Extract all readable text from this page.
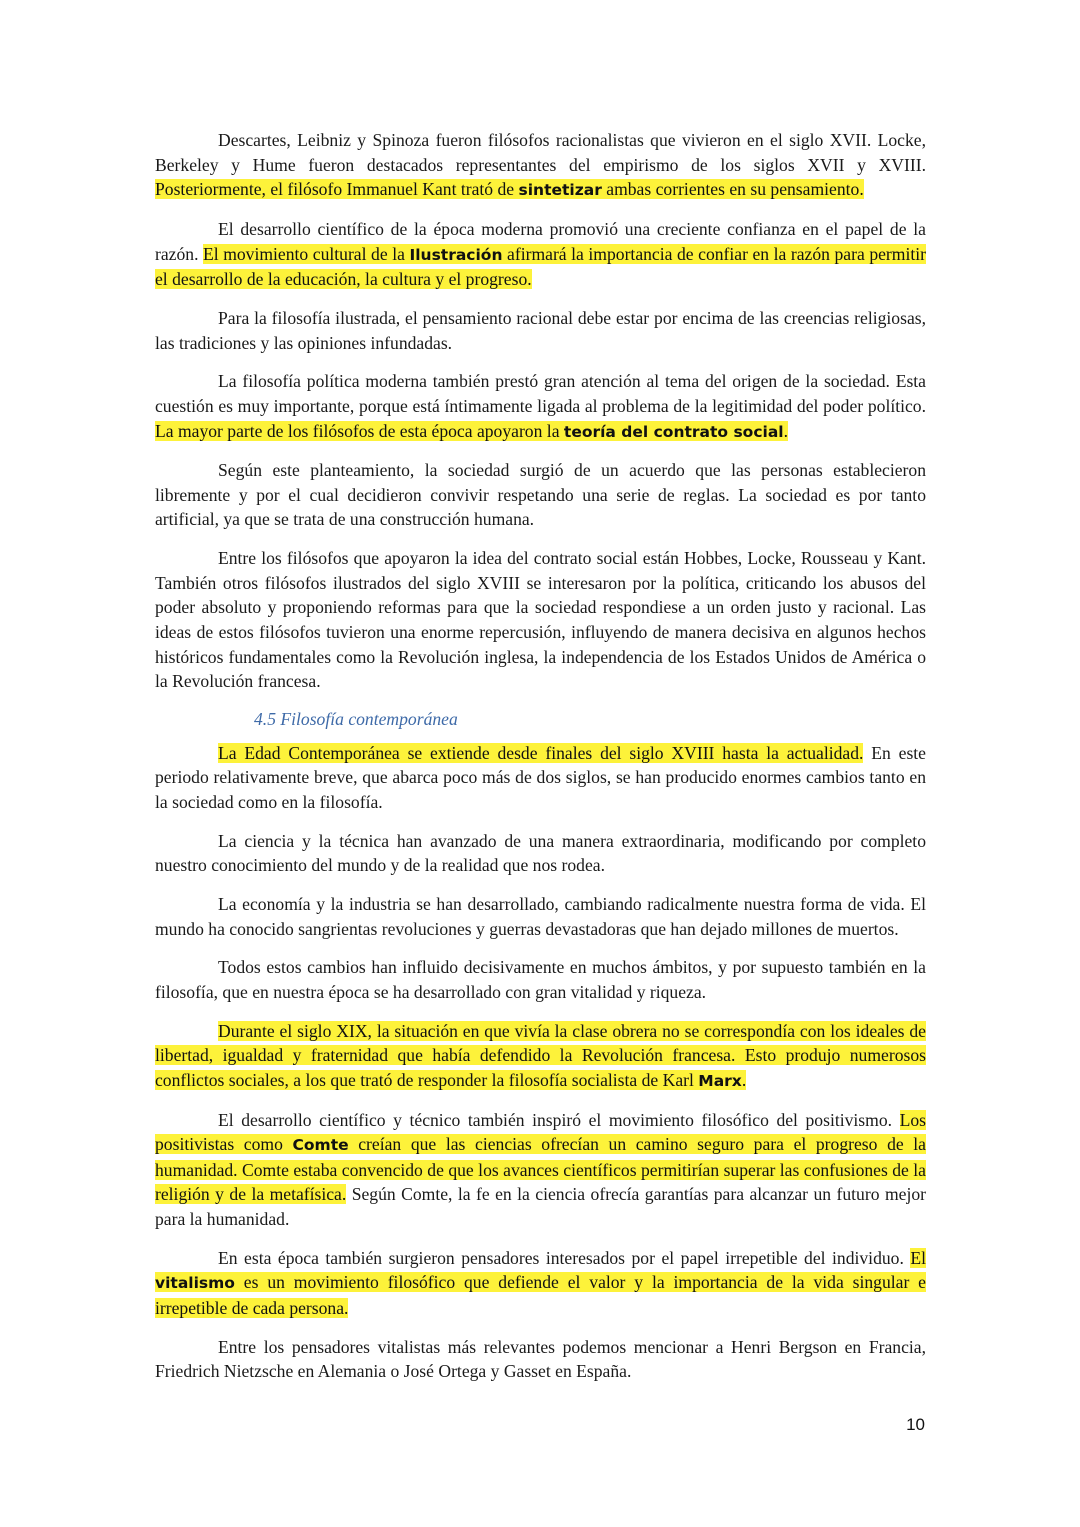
Descartes, Leibniz y Spinoza fueron filósofos racionalistas que vivieron en el siglo XVII. Locke, Berkeley y Hume fueron destacados representantes del empirismo de los siglos XVII y XVIII. Posteriormente, el filósofo Immanuel Kant trató de sintetizar ambas corrientes en su pensamiento.

El desarrollo científico de la época moderna promovió una creciente confianza en el papel de la razón. El movimiento cultural de la Ilustración afirmará la importancia de confiar en la razón para permitir el desarrollo de la educación, la cultura y el progreso.

Para la filosofía ilustrada, el pensamiento racional debe estar por encima de las creencias religiosas, las tradiciones y las opiniones infundadas.

La filosofía política moderna también prestó gran atención al tema del origen de la sociedad. Esta cuestión es muy importante, porque está íntimamente ligada al problema de la legitimidad del poder político. La mayor parte de los filósofos de esta época apoyaron la teoría del contrato social.

Según este planteamiento, la sociedad surgió de un acuerdo que las personas establecieron libremente y por el cual decidieron convivir respetando una serie de reglas. La sociedad es por tanto artificial, ya que se trata de una construcción humana.

Entre los filósofos que apoyaron la idea del contrato social están Hobbes, Locke, Rousseau y Kant. También otros filósofos ilustrados del siglo XVIII se interesaron por la política, criticando los abusos del poder absoluto y proponiendo reformas para que la sociedad respondiese a un orden justo y racional. Las ideas de estos filósofos tuvieron una enorme repercusión, influyendo de manera decisiva en algunos hechos históricos fundamentales como la Revolución inglesa, la independencia de los Estados Unidos de América o la Revolución francesa.

4.5 Filosofía contemporánea

La Edad Contemporánea se extiende desde finales del siglo XVIII hasta la actualidad. En este periodo relativamente breve, que abarca poco más de dos siglos, se han producido enormes cambios tanto en la sociedad como en la filosofía.

La ciencia y la técnica han avanzado de una manera extraordinaria, modificando por completo nuestro conocimiento del mundo y de la realidad que nos rodea.

La economía y la industria se han desarrollado, cambiando radicalmente nuestra forma de vida. El mundo ha conocido sangrientas revoluciones y guerras devastadoras que han dejado millones de muertos.

Todos estos cambios han influido decisivamente en muchos ámbitos, y por supuesto también en la filosofía, que en nuestra época se ha desarrollado con gran vitalidad y riqueza.

Durante el siglo XIX, la situación en que vivía la clase obrera no se correspondía con los ideales de libertad, igualdad y fraternidad que había defendido la Revolución francesa. Esto produjo numerosos conflictos sociales, a los que trató de responder la filosofía socialista de Karl Marx.

El desarrollo científico y técnico también inspiró el movimiento filosófico del positivismo. Los positivistas como Comte creían que las ciencias ofrecían un camino seguro para el progreso de la humanidad. Comte estaba convencido de que los avances científicos permitirían superar las confusiones de la religión y de la metafísica. Según Comte, la fe en la ciencia ofrecía garantías para alcanzar un futuro mejor para la humanidad.

En esta época también surgieron pensadores interesados por el papel irrepetible del individuo. El vitalismo es un movimiento filosófico que defiende el valor y la importancia de la vida singular e irrepetible de cada persona.

Entre los pensadores vitalistas más relevantes podemos mencionar a Henri Bergson en Francia, Friedrich Nietzsche en Alemania o José Ortega y Gasset en España.

10
